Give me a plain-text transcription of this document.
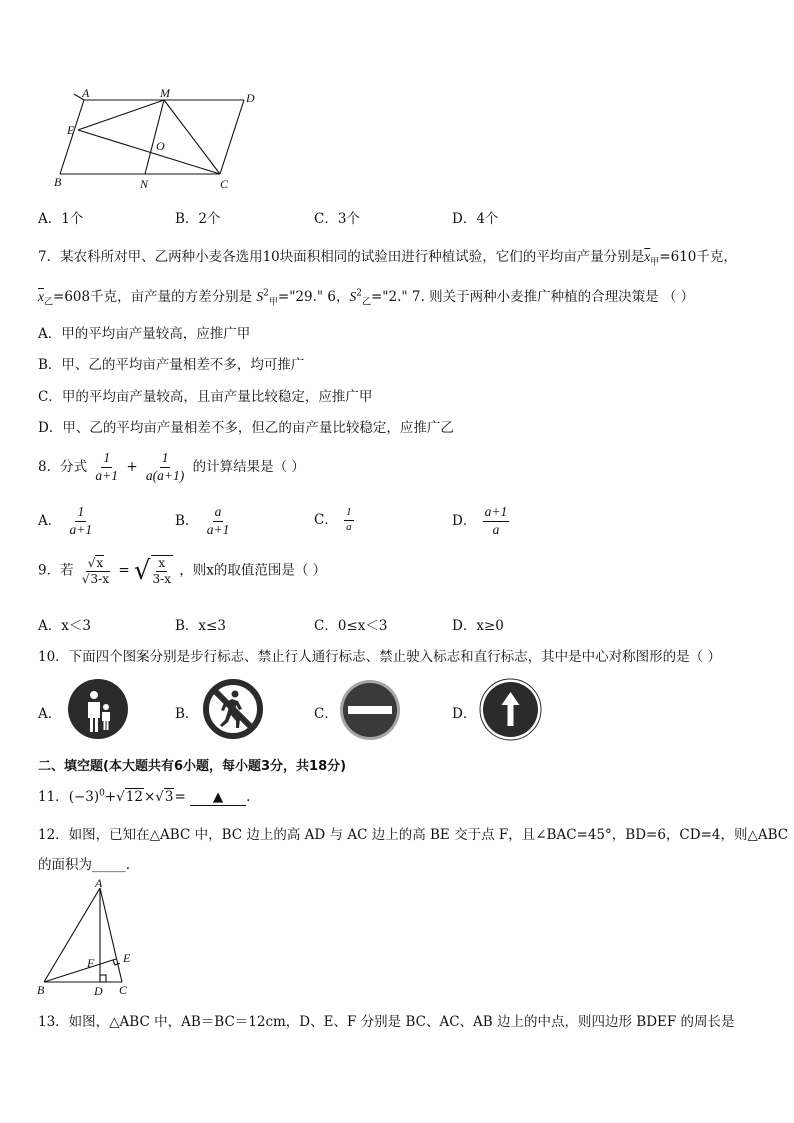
A	M	D
E
O
B	N	C
A．1个	B．2个	C．3个	D．4个
7．某农科所对甲、乙两种小麦各选用10块面积相同的试验田进行种植试验，它们的平均亩产量分别是$\overline{x}_甲=610$千克，
$\overline{x}_乙=608$千克，亩产量的方差分别是 $S^2_甲="29$." 6，$S^2_乙="2$." 7. 则关于两种小麦推广种植的合理决策是 （ ）
A．甲的平均亩产量较高，应推广甲
B．甲、乙的平均亩产量相差不多，均可推广
C．甲的平均亩产量较高，且亩产量比较稳定，应推广甲
D．甲、乙的平均亩产量相差不多，但乙的亩产量比较稳定，应推广乙
8．分式 $\frac{1}{a+1} + \frac{1}{a(a+1)}$ 的计算结果是（ ）
A． $\frac{1}{a+1}$	B． $\frac{a}{a+1}$	C． $\frac{1}{a}$	D． $\frac{a+1}{a}$
9．若 $\frac{√x}{√3-x}$ = √ $\frac{x}{3-x}$ ，则x的取值范围是（ ）
A．x＜3	B．x≤3	C．0≤x＜3	D．x≥0
10．下面四个图案分别是步行标志、禁止行人通行标志、禁止驶入标志和直行标志，其中是中心对称图形的是（ ）
A．	B．	C．	D．
二、填空题(本大题共有6小题，每小题3分，共18分)
11．$(-3)^0+√12\times√3=$ ▲ .
12．如图，已知在△ABC 中，BC 边上的高 AD 与 AC 边上的高 BE 交于点 F，且∠BAC=45°，BD=6，CD=4，则△ABC
的面积为_____.
A
B	C
D
E
F
13．如图，△ABC 中，AB＝BC＝12cm，D、E、F 分别是 BC、AC、AB 边上的中点，则四边形 BDEF 的周长是
